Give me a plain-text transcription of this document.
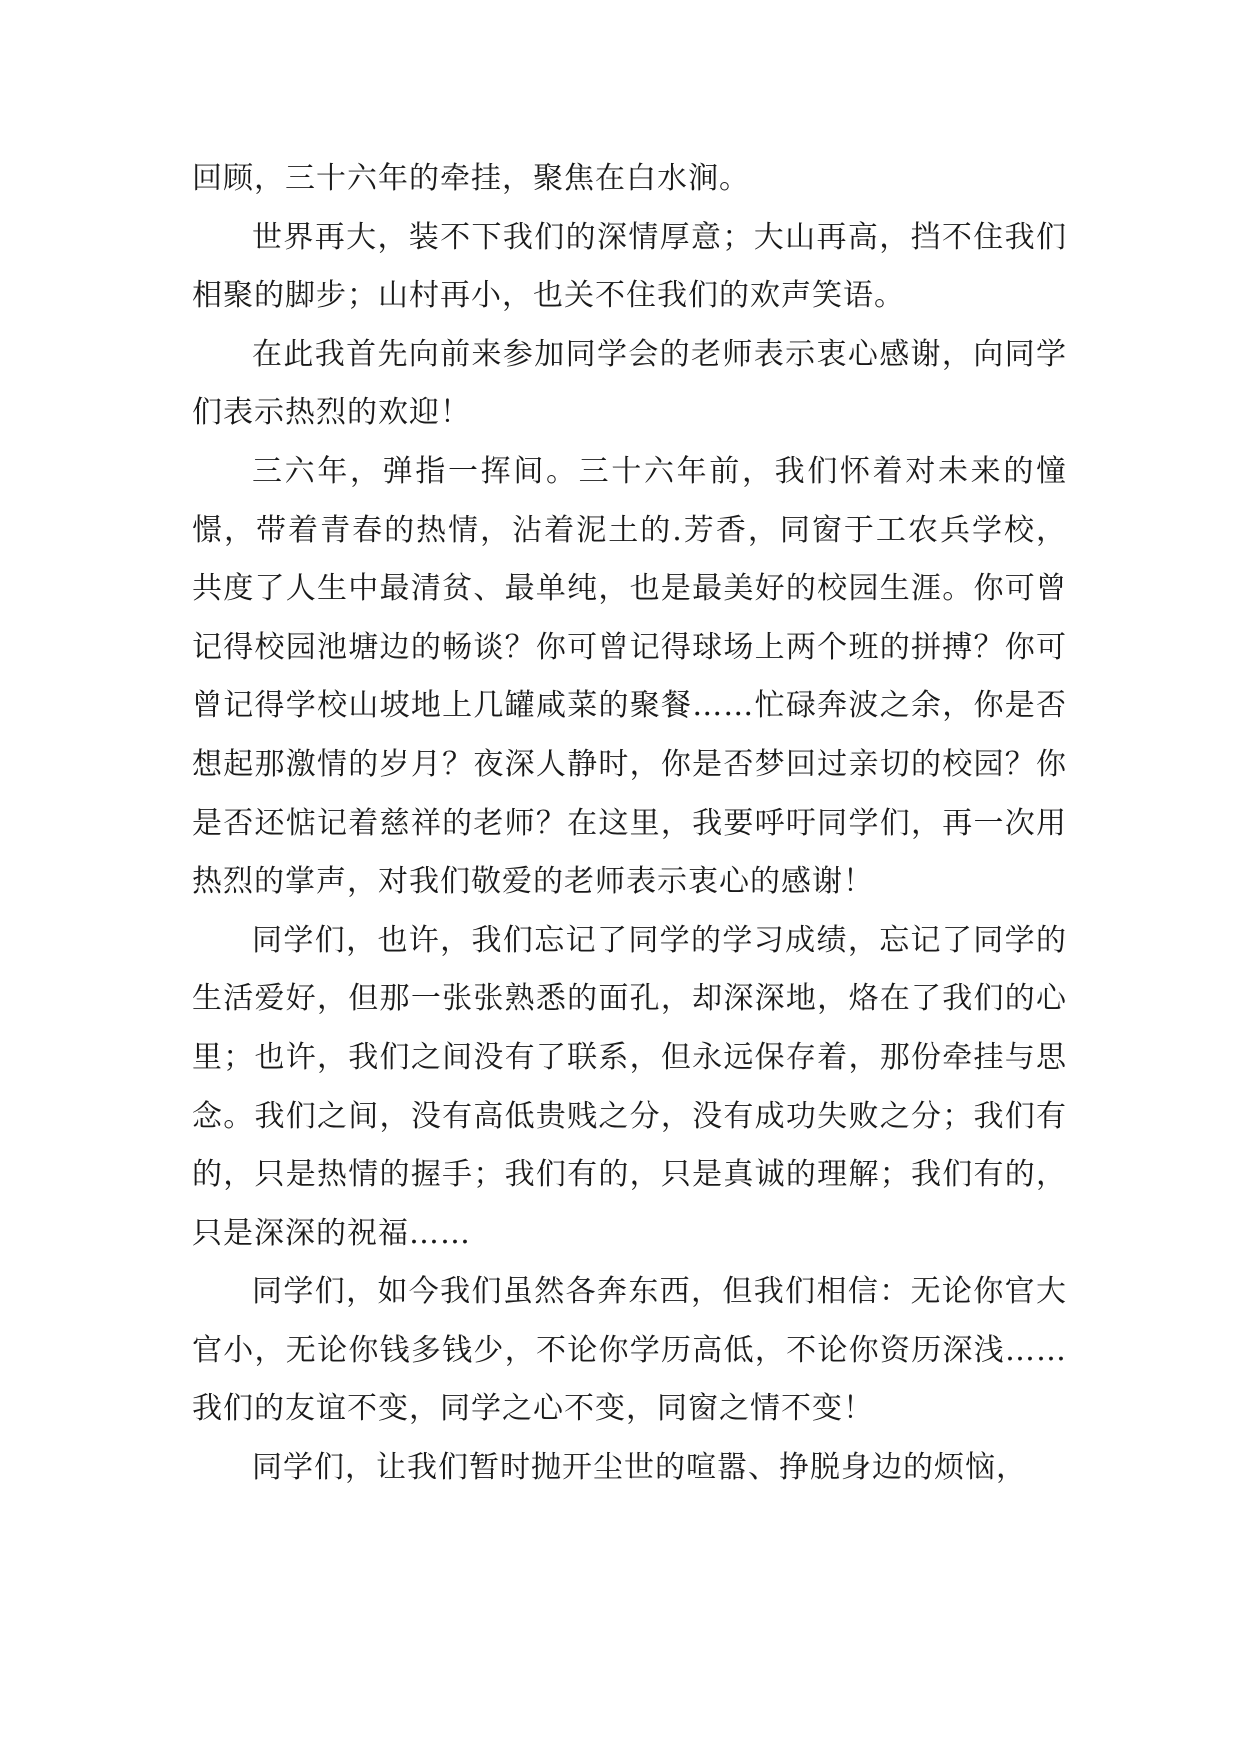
回顾，三十六年的牵挂，聚焦在白水涧。

世界再大，装不下我们的深情厚意；大山再高，挡不住我们相聚的脚步；山村再小，也关不住我们的欢声笑语。

在此我首先向前来参加同学会的老师表示衷心感谢，向同学们表示热烈的欢迎！

三六年，弹指一挥间。三十六年前，我们怀着对未来的憧憬，带着青春的热情，沾着泥土的.芳香，同窗于工农兵学校，共度了人生中最清贫、最单纯，也是最美好的校园生涯。你可曾记得校园池塘边的畅谈？你可曾记得球场上两个班的拼搏？你可曾记得学校山坡地上几罐咸菜的聚餐……忙碌奔波之余，你是否想起那激情的岁月？夜深人静时，你是否梦回过亲切的校园？你是否还惦记着慈祥的老师？在这里，我要呼吁同学们，再一次用热烈的掌声，对我们敬爱的老师表示衷心的感谢！

同学们，也许，我们忘记了同学的学习成绩，忘记了同学的生活爱好，但那一张张熟悉的面孔，却深深地，烙在了我们的心里；也许，我们之间没有了联系，但永远保存着，那份牵挂与思念。我们之间，没有高低贵贱之分，没有成功失败之分；我们有的，只是热情的握手；我们有的，只是真诚的理解；我们有的，只是深深的祝福……

同学们，如今我们虽然各奔东西，但我们相信：无论你官大官小，无论你钱多钱少，不论你学历高低，不论你资历深浅……我们的友谊不变，同学之心不变，同窗之情不变！

同学们，让我们暂时抛开尘世的喧嚣、挣脱身边的烦恼，
